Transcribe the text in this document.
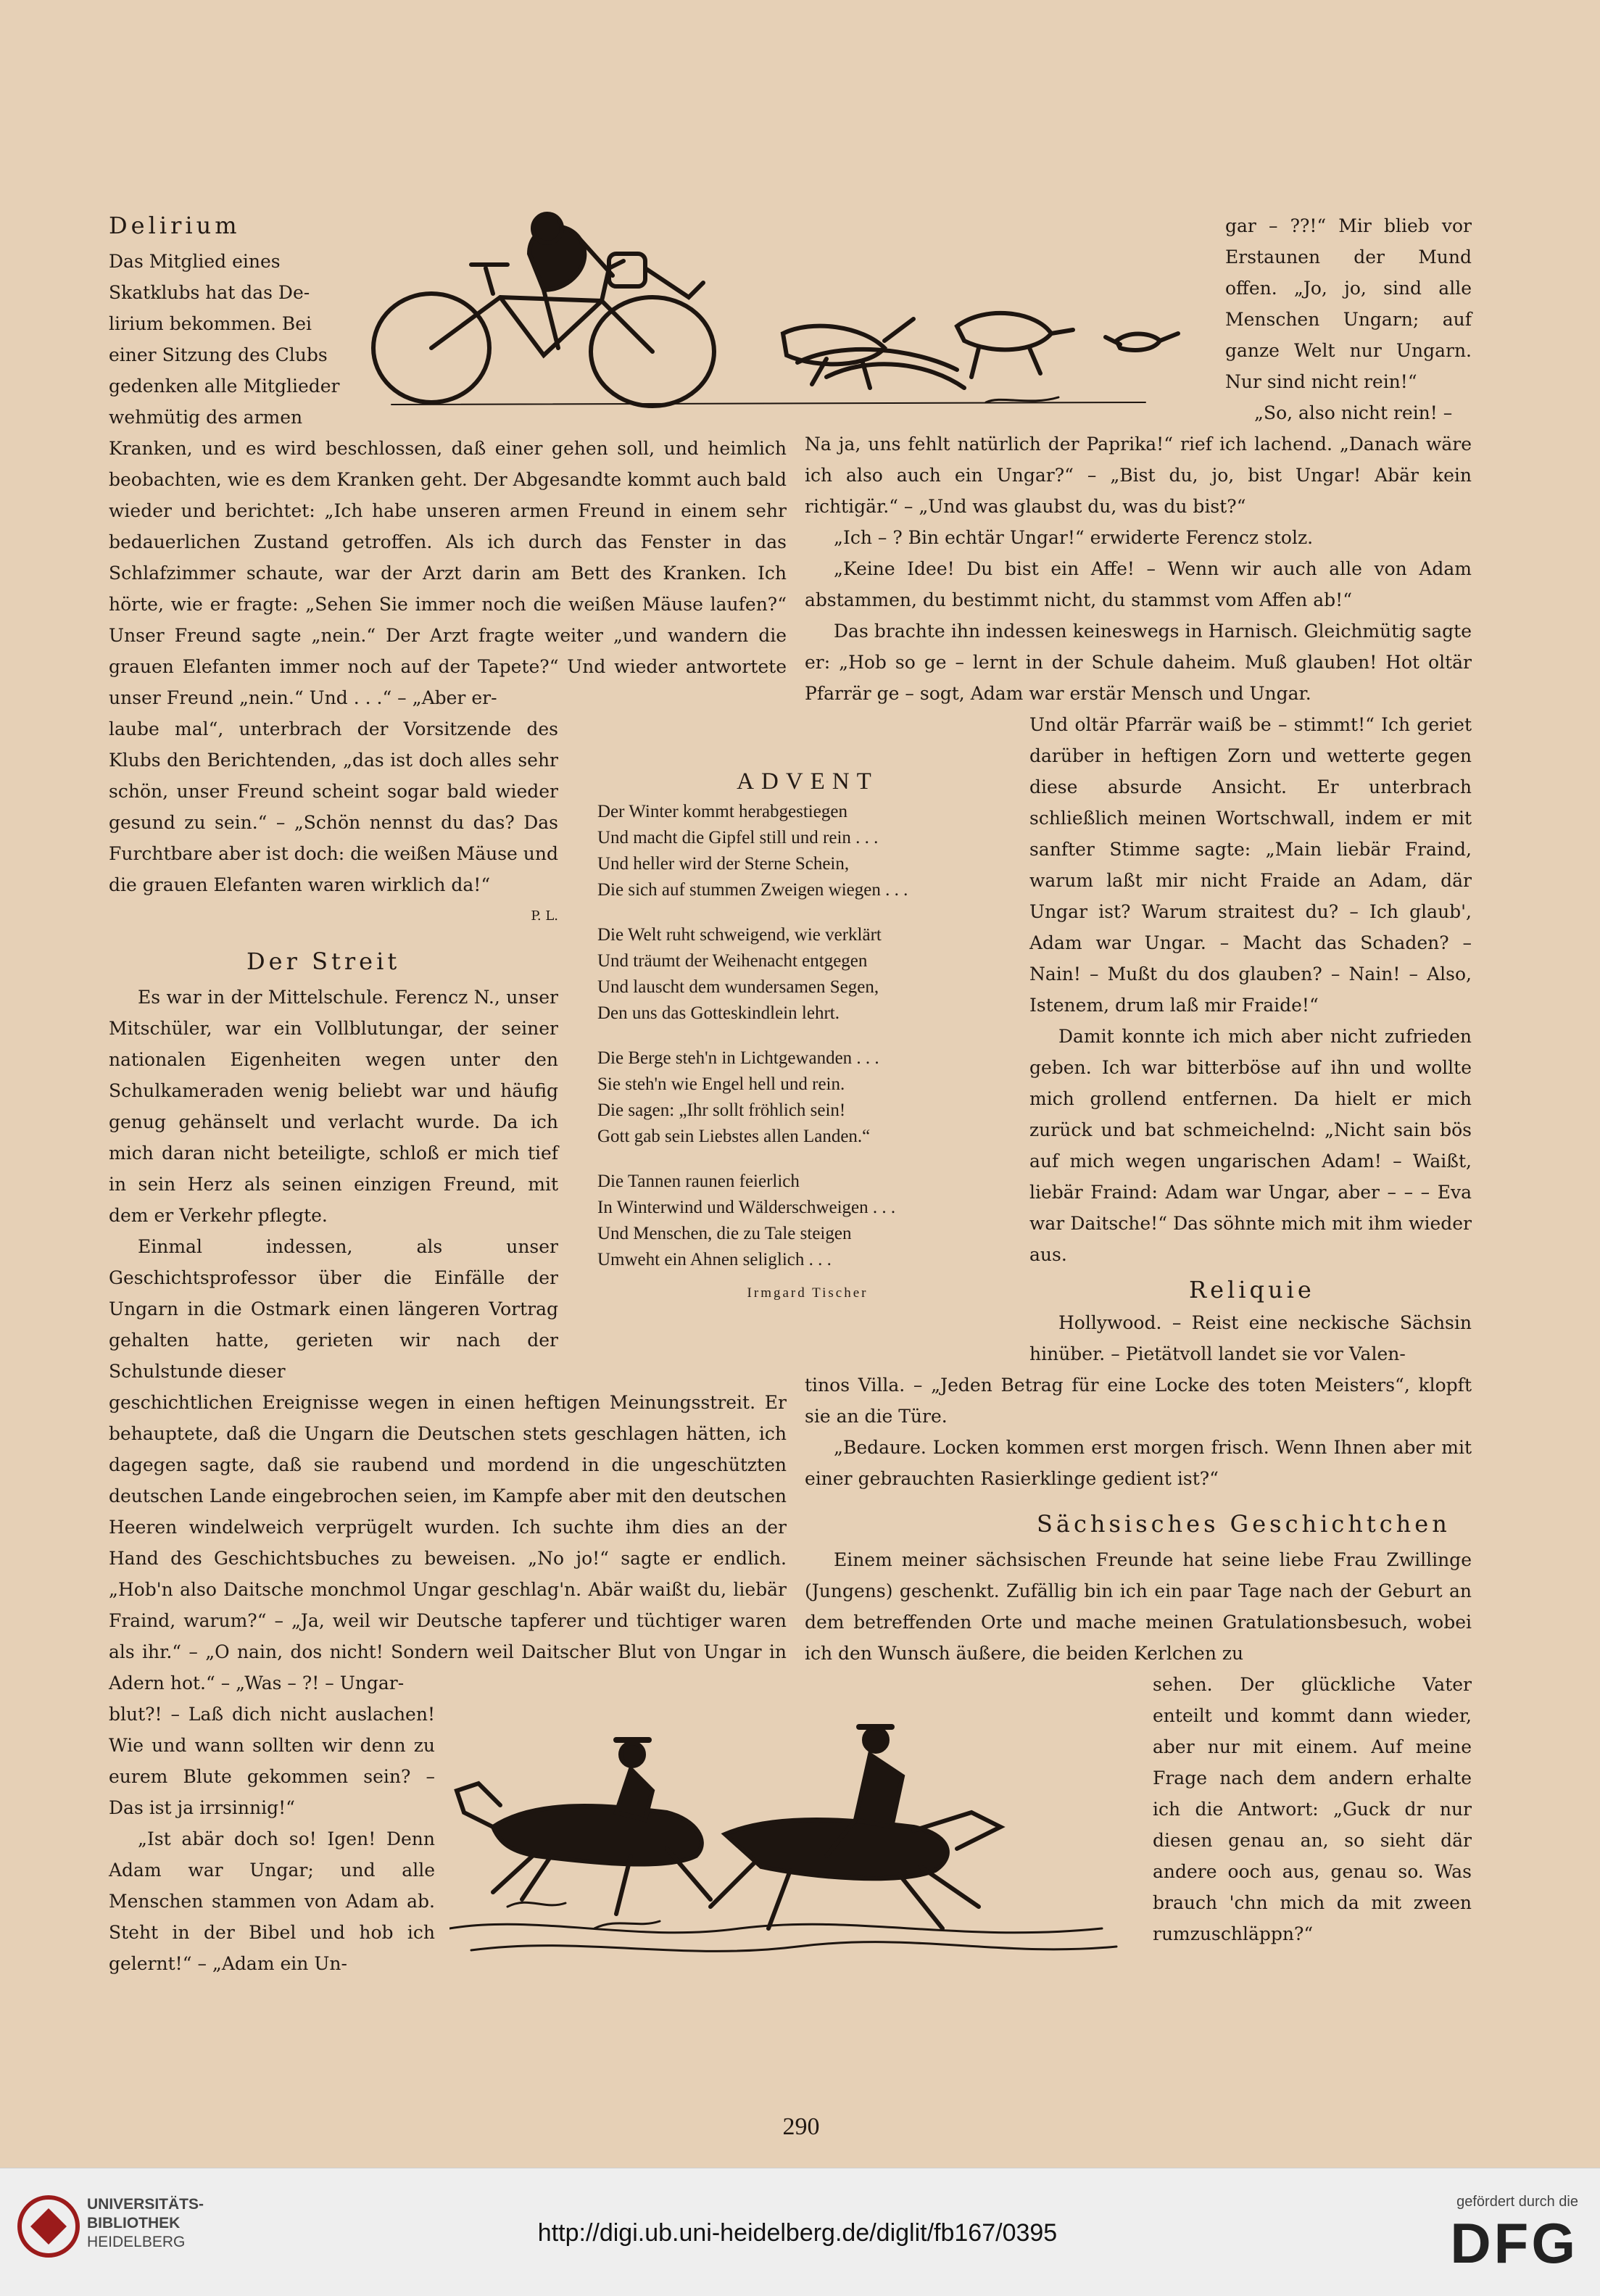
Delirium
Das Mitglied eines
Skatklubs hat das De-
lirium bekommen. Bei
einer Sitzung des Clubs
gedenken alle Mitglieder
wehmütig des armen

Kranken, und es wird beschlossen, daß einer gehen soll, und heimlich beobachten, wie es dem Kranken geht. Der Abgesandte kommt auch bald wieder und berichtet: „Ich habe unseren armen Freund in einem sehr bedauerlichen Zustand getroffen. Als ich durch das Fenster in das Schlafzimmer schaute, war der Arzt darin am Bett des Kranken. Ich hörte, wie er fragte: „Sehen Sie immer noch die weißen Mäuse laufen?“ Unser Freund sagte „nein.“ Der Arzt fragte weiter „und wandern die grauen Elefanten immer noch auf der Tapete?“ Und wieder antwortete unser Freund „nein.“ Und . . .“ – „Aber er-

laube mal“, unterbrach der Vorsitzende des Klubs den Berichtenden, „das ist doch alles sehr schön, unser Freund scheint sogar bald wieder gesund zu sein.“ – „Schön nennst du das? Das Furchtbare aber ist doch: die weißen Mäuse und die grauen Elefanten waren wirklich da!“

P. L.
Der Streit

Es war in der Mittelschule. Ferencz N., unser Mitschüler, war ein Vollblutungar, der seiner nationalen Eigenheiten wegen unter den Schulkameraden wenig beliebt war und häufig genug gehänselt und verlacht wurde. Da ich mich daran nicht beteiligte, schloß er mich tief in sein Herz als seinen einzigen Freund, mit dem er Verkehr pflegte.

Einmal indessen, als unser Geschichtsprofessor über die Einfälle der Ungarn in die Ostmark einen längeren Vortrag gehalten hatte, gerieten wir nach der Schulstunde dieser

geschichtlichen Ereignisse wegen in einen heftigen Meinungsstreit. Er behauptete, daß die Ungarn die Deutschen stets geschlagen hätten, ich dagegen sagte, daß sie raubend und mordend in die ungeschützten deutschen Lande eingebrochen seien, im Kampfe aber mit den deutschen Heeren windelweich verprügelt wurden. Ich suchte ihm dies an der Hand des Geschichtsbuches zu beweisen. „No jo!“ sagte er endlich. „Hob'n also Daitsche monchmol Ungar geschlag'n. Abär waißt du, liebär Fraind, warum?“ – „Ja, weil wir Deutsche tapferer und tüchtiger waren als ihr.“ – „O nain, dos nicht! Sondern weil Daitscher Blut von Ungar in Adern hot.“ – „Was – ?! – Ungar-

blut?! – Laß dich nicht auslachen! Wie und wann sollten wir denn zu eurem Blute gekommen sein? – Das ist ja irrsinnig!“

„Ist abär doch so! Igen! Denn Adam war Ungar; und alle Menschen stammen von Adam ab. Steht in der Bibel und hob ich gelernt!“ – „Adam ein Un-

ADVENT
Der Winter kommt herabgestiegen
Und macht die Gipfel still und rein . . .
Und heller wird der Sterne Schein,
Die sich auf stummen Zweigen wiegen . . .
Die Welt ruht schweigend, wie verklärt
Und träumt der Weihenacht entgegen
Und lauscht dem wundersamen Segen,
Den uns das Gotteskindlein lehrt.
Die Berge steh'n in Lichtgewanden . . .
Sie steh'n wie Engel hell und rein.
Die sagen: „Ihr sollt fröhlich sein!
Gott gab sein Liebstes allen Landen.“
Die Tannen raunen feierlich
In Winterwind und Wälderschweigen . . .
Und Menschen, die zu Tale steigen
Umweht ein Ahnen seliglich . . .
Irmgard Tischer

gar – ??!“ Mir blieb vor Erstaunen der Mund offen. „Jo, jo, sind alle Menschen Ungarn; auf ganze Welt nur Ungarn. Nur sind nicht rein!“

„So, also nicht rein! –

Na ja, uns fehlt natürlich der Paprika!“ rief ich lachend. „Danach wäre ich also auch ein Ungar?“ – „Bist du, jo, bist Ungar! Abär kein richtigär.“ – „Und was glaubst du, was du bist?“

„Ich – ? Bin echtär Ungar!“ erwiderte Ferencz stolz.

„Keine Idee! Du bist ein Affe! – Wenn wir auch alle von Adam abstammen, du bestimmt nicht, du stammst vom Affen ab!“

Das brachte ihn indessen keineswegs in Harnisch. Gleichmütig sagte er: „Hob so ge – lernt in der Schule daheim. Muß glauben! Hot oltär Pfarrär ge – sogt, Adam war erstär Mensch und Ungar.

Und oltär Pfarrär waiß be – stimmt!“ Ich geriet darüber in heftigen Zorn und wetterte gegen diese absurde Ansicht. Er unterbrach schließlich meinen Wortschwall, indem er mit sanfter Stimme sagte: „Main liebär Fraind, warum laßt mir nicht Fraide an Adam, där Ungar ist? Warum straitest du? – Ich glaub', Adam war Ungar. – Macht das Schaden? – Nain! – Mußt du dos glauben? – Nain! – Also, Istenem, drum laß mir Fraide!“

Damit konnte ich mich aber nicht zufrieden geben. Ich war bitterböse auf ihn und wollte mich grollend entfernen. Da hielt er mich zurück und bat schmeichelnd: „Nicht sain bös auf mich wegen ungarischen Adam! – Waißt, liebär Fraind: Adam war Ungar, aber – – – Eva war Daitsche!“ Das söhnte mich mit ihm wieder aus.

Reliquie

Hollywood. – Reist eine neckische Sächsin hinüber. – Pietätvoll landet sie vor Valen-

tinos Villa. – „Jeden Betrag für eine Locke des toten Meisters“, klopft sie an die Türe.

„Bedaure. Locken kommen erst morgen frisch. Wenn Ihnen aber mit einer gebrauchten Rasierklinge gedient ist?“

Sächsisches Geschichtchen

Einem meiner sächsischen Freunde hat seine liebe Frau Zwillinge (Jungens) geschenkt. Zufällig bin ich ein paar Tage nach der Geburt an dem betreffenden Orte und mache meinen Gratulationsbesuch, wobei ich den Wunsch äußere, die beiden Kerlchen zu

sehen. Der glückliche Vater enteilt und kommt dann wieder, aber nur mit einem. Auf meine Frage nach dem andern erhalte ich die Antwort: „Guck dr nur diesen genau an, so sieht där andere ooch aus, genau so. Was brauch 'chn mich da mit zween rumzuschläppn?“

290
UNIVERSITÄTS-
BIBLIOTHEK
HEIDELBERG	http://digi.ub.uni-heidelberg.de/diglit/fb167/0395
gefördert durch die
DFG
